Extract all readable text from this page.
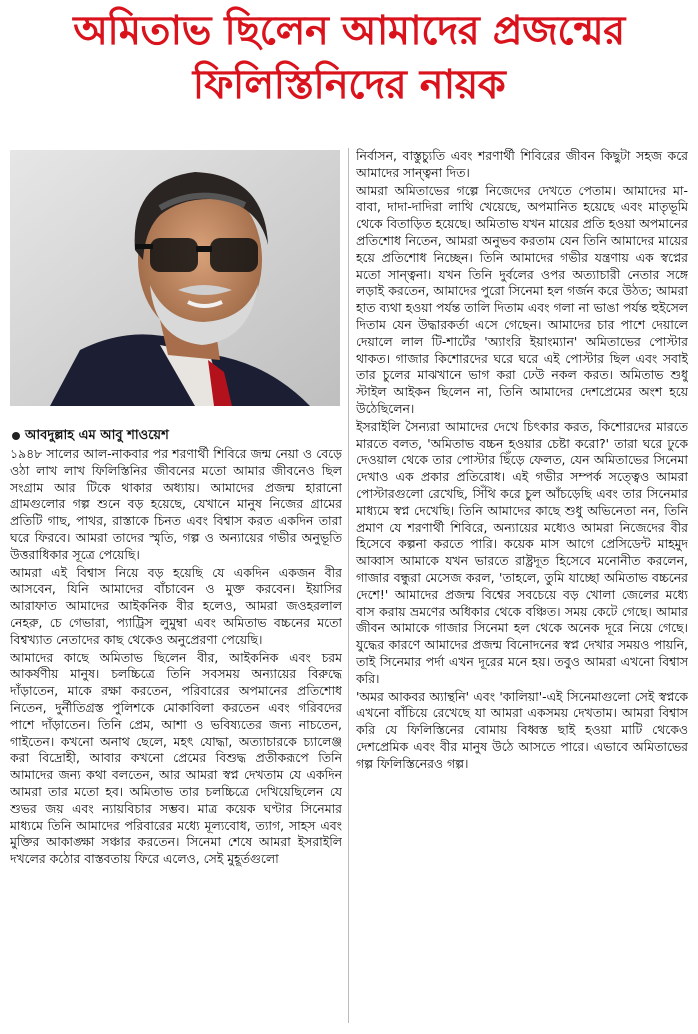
অমিতাভ ছিলেন আমাদের প্রজন্মের
ফিলিস্তিনিদের নায়ক
আবদুল্লাহ এম আবু শাওয়েশ

১৯৪৮ সালের আল-নাকবার পর শরণার্থী শিবিরে জন্ম নেয়া ও বেড়ে ওঠা লাখ লাখ ফিলিস্তিনির জীবনের মতো আমার জীবনেও ছিল সংগ্রাম আর টিকে থাকার অধ্যায়। আমাদের প্রজন্ম হারানো গ্রামগুলোর গল্প শুনে বড় হয়েছে, যেখানে মানুষ নিজের গ্রামের প্রতিটি গাছ, পাথর, রাস্তাকে চিনত এবং বিশ্বাস করত একদিন তারা ঘরে ফিরবে। আমরা তাদের স্মৃতি, গল্প ও অন্যায়ের গভীর অনুভূতি উত্তরাধিকার সূত্রে পেয়েছি।

আমরা এই বিশ্বাস নিয়ে বড় হয়েছি যে একদিন একজন বীর আসবেন, যিনি আমাদের বাঁচাবেন ও মুক্ত করবেন। ইয়াসির আরাফাত আমাদের আইকনিক বীর হলেও, আমরা জওহরলাল নেহরু, চে গেভারা, প্যাট্রিস লুমুম্বা এবং অমিতাভ বচ্চনের মতো বিশ্বখ্যাত নেতাদের কাছ থেকেও অনুপ্রেরণা পেয়েছি।

আমাদের কাছে অমিতাভ ছিলেন বীর, আইকনিক এবং চরম আকর্ষণীয় মানুষ। চলচ্চিত্রে তিনি সবসময় অন্যায়ের বিরুদ্ধে দাঁড়াতেন, মাকে রক্ষা করতেন, পরিবারের অপমানের প্রতিশোধ নিতেন, দুর্নীতিগ্রস্ত পুলিশকে মোকাবিলা করতেন এবং গরিবদের পাশে দাঁড়াতেন। তিনি প্রেম, আশা ও ভবিষ্যতের জন্য নাচতেন, গাইতেন। কখনো অনাথ ছেলে, মহৎ যোদ্ধা, অত্যাচারকে চ্যালেঞ্জ করা বিদ্রোহী, আবার কখনো প্রেমের বিশুদ্ধ প্রতীকরূপে তিনি আমাদের জন্য কথা বলতেন, আর আমরা স্বপ্ন দেখতাম যে একদিন আমরা তার মতো হব। অমিতাভ তার চলচ্চিত্রে দেখিয়েছিলেন যে শুভর জয় এবং ন্যায়বিচার সম্ভব। মাত্র কয়েক ঘণ্টার সিনেমার মাধ্যমে তিনি আমাদের পরিবারের মধ্যে মূল্যবোধ, ত্যাগ, সাহস এবং মুক্তির আকাঙ্ক্ষা সঞ্চার করতেন। সিনেমা শেষে আমরা ইসরাইলি দখলের কঠোর বাস্তবতায় ফিরে এলেও, সেই মুহূর্তগুলো

নির্বাসন, বাস্তুচ্যুতি এবং শরণার্থী শিবিরের জীবন কিছুটা সহজ করে আমাদের সান্ত্বনা দিত।

আমরা অমিতাভের গল্পে নিজেদের দেখতে পেতাম। আমাদের মা-বাবা, দাদা-দাদিরা লাথি খেয়েছে, অপমানিত হয়েছে এবং মাতৃভূমি থেকে বিতাড়িত হয়েছে। অমিতাভ যখন মায়ের প্রতি হওয়া অপমানের প্রতিশোধ নিতেন, আমরা অনুভব করতাম যেন তিনি আমাদের মায়ের হয়ে প্রতিশোধ নিচ্ছেন। তিনি আমাদের গভীর যন্ত্রণায় এক স্বপ্নের মতো সান্ত্বনা। যখন তিনি দুর্বলের ওপর অত্যাচারী নেতার সঙ্গে লড়াই করতেন, আমাদের পুরো সিনেমা হল গর্জন করে উঠত; আমরা হাত ব্যথা হওয়া পর্যন্ত তালি দিতাম এবং গলা না ভাঙা পর্যন্ত হুইসেল দিতাম যেন উদ্ধারকর্তা এসে গেছেন। আমাদের চার পাশে দেয়ালে দেয়ালে লাল টি-শার্টের 'অ্যাংরি ইয়াংম্যান' অমিতাভের পোস্টার থাকত। গাজার কিশোরদের ঘরে ঘরে এই পোস্টার ছিল এবং সবাই তার চুলের মাঝখানে ভাগ করা ঢেউ নকল করত। অমিতাভ শুধু স্টাইল আইকন ছিলেন না, তিনি আমাদের দেশপ্রেমের অংশ হয়ে উঠেছিলেন।

ইসরাইলি সৈন্যরা আমাদের দেখে চিৎকার করত, কিশোরদের মারতে মারতে বলত, 'অমিতাভ বচ্চন হওয়ার চেষ্টা করো?' তারা ঘরে ঢুকে দেওয়াল থেকে তার পোস্টার ছিঁড়ে ফেলত, যেন অমিতাভের সিনেমা দেখাও এক প্রকার প্রতিরোধ। এই গভীর সম্পর্ক সত্ত্বেও আমরা পোস্টারগুলো রেখেছি, সিঁথি করে চুল আঁচড়েছি এবং তার সিনেমার মাধ্যমে স্বপ্ন দেখেছি। তিনি আমাদের কাছে শুধু অভিনেতা নন, তিনি প্রমাণ যে শরণার্থী শিবিরে, অন্যায়ের মধ্যেও আমরা নিজেদের বীর হিসেবে কল্পনা করতে পারি। কয়েক মাস আগে প্রেসিডেন্ট মাহমুদ আব্বাস আমাকে যখন ভারতে রাষ্ট্রদূত হিসেবে মনোনীত করলেন, গাজার বন্ধুরা মেসেজ করল, 'তাহলে, তুমি যাচ্ছো অমিতাভ বচ্চনের দেশে!' আমাদের প্রজন্ম বিশ্বের সবচেয়ে বড় খোলা জেলের মধ্যে বাস করায় ভ্রমণের অধিকার থেকে বঞ্চিত। সময় কেটে গেছে। আমার জীবন আমাকে গাজার সিনেমা হল থেকে অনেক দূরে নিয়ে গেছে। যুদ্ধের কারণে আমাদের প্রজন্ম বিনোদনের স্বপ্ন দেখার সময়ও পায়নি, তাই সিনেমার পর্দা এখন দূরের মনে হয়। তবুও আমরা এখনো বিশ্বাস করি।

'অমর আকবর অ্যান্থনি' এবং 'কালিয়া'-এই সিনেমাগুলো সেই স্বপ্নকে এখনো বাঁচিয়ে রেখেছে যা আমরা একসময় দেখতাম। আমরা বিশ্বাস করি যে ফিলিস্তিনের বোমায় বিধ্বস্ত ছাই হওয়া মাটি থেকেও দেশপ্রেমিক এবং বীর মানুষ উঠে আসতে পারে। এভাবে অমিতাভের গল্প ফিলিস্তিনেরও গল্প।
